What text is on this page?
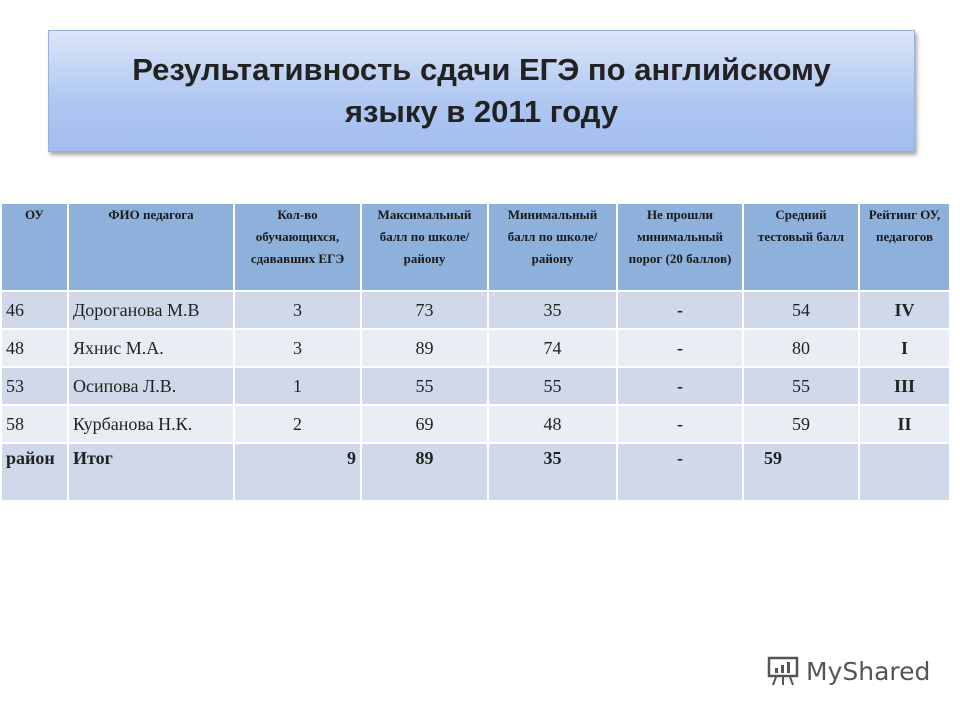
Результативность сдачи ЕГЭ по английскому языку в 2011 году
ОУ	ФИО педагога	Кол-во обучающихся, сдававших ЕГЭ	Максимальный балл по школе/ району	Минимальный балл по школе/ району	Не прошли минимальный порог (20 баллов)	Средний тестовый балл	Рейтинг ОУ, педагогов
46	Дороганова М.В	3	73	35	-	54	IV
48	Яхнис М.А.	3	89	74	-	80	I
53	Осипова Л.В.	1	55	55	-	55	III
58	Курбанова Н.К.	2	69	48	-	59	II
район	Итог	9	89	35	-	59	
MyShared
